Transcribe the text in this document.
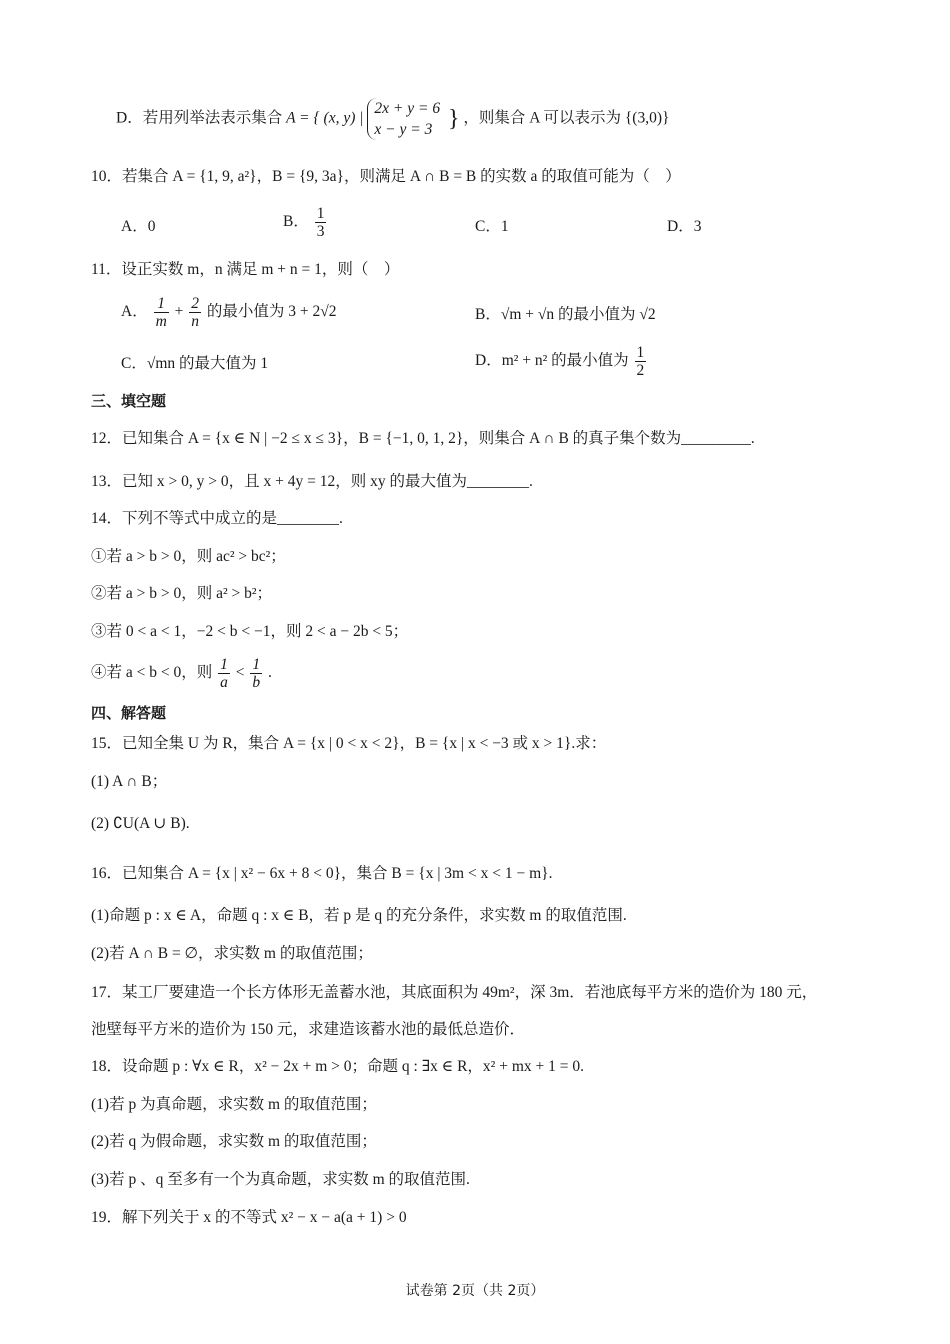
D．若用列举法表示集合 A = { (x, y) |
2x + y = 6
x − y = 3 } ，则集合 A 可以表示为 {(3,0)}
10．若集合 A = {1, 9, a²}，B = {9, 3a}，则满足 A ∩ B = B 的实数 a 的取值可能为（　）
A．0	B． $\frac{1}{3}$	C．1	D．3
11．设正实数 m，n 满足 m + n = 1，则（　）
A． $\frac{1}{m} + \frac{2}{n}$ 的最小值为 3 + 2√2	B．√m + √n 的最小值为 √2
C．√mn 的最大值为 1	D．m² + n² 的最小值为 $\frac{1}{2}$
三、填空题
12．已知集合 A = {x ∈ N | −2 ≤ x ≤ 3}，B = {−1, 0, 1, 2}，则集合 A ∩ B 的真子集个数为_________.
13．已知 x > 0, y > 0，且 x + 4y = 12，则 xy 的最大值为________.
14．下列不等式中成立的是________.
①若 a > b > 0，则 ac² > bc²；
②若 a > b > 0，则 a² > b²；
③若 0 < a < 1，−2 < b < −1，则 2 < a − 2b < 5；
④若 a < b < 0，则 $\frac{1}{a} < \frac{1}{b}$ .
四、解答题
15．已知全集 U 为 R，集合 A = {x | 0 < x < 2}，B = {x | x < −3 或 x > 1}.求：
(1) A ∩ B；
(2) ∁U(A ∪ B).
16．已知集合 A = {x | x² − 6x + 8 < 0}，集合 B = {x | 3m < x < 1 − m}.
(1)命题 p : x ∈ A，命题 q : x ∈ B，若 p 是 q 的充分条件，求实数 m 的取值范围.
(2)若 A ∩ B = ∅，求实数 m 的取值范围；
17．某工厂要建造一个长方体形无盖蓄水池，其底面积为 49m²，深 3m．若池底每平方米的造价为 180 元，
池壁每平方米的造价为 150 元，求建造该蓄水池的最低总造价．
18．设命题 p : ∀x ∈ R，x² − 2x + m > 0；命题 q : ∃x ∈ R，x² + mx + 1 = 0.
(1)若 p 为真命题，求实数 m 的取值范围；
(2)若 q 为假命题，求实数 m 的取值范围；
(3)若 p 、q 至多有一个为真命题，求实数 m 的取值范围.
19．解下列关于 x 的不等式 x² − x − a(a + 1) > 0
试卷第 2页（共 2页）
